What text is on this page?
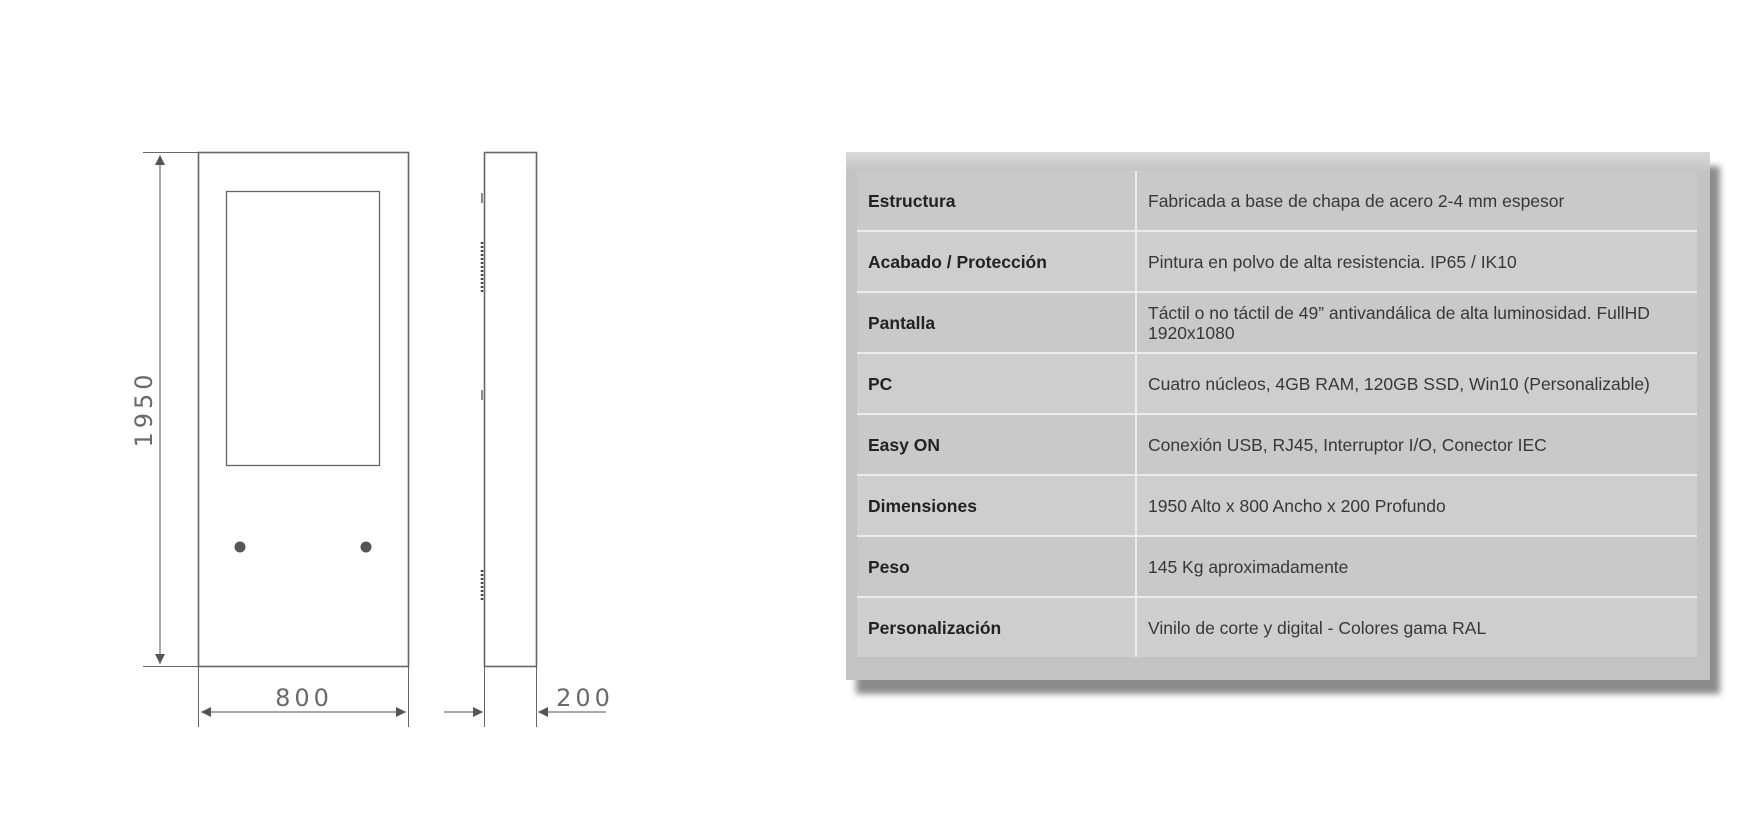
1950
800	200
Estructura	Fabricada a base de chapa de acero 2-4 mm espesor
Acabado / Protección	Pintura en polvo de alta resistencia. IP65 / IK10
Pantalla	Táctil o no táctil de 49” antivandálica de alta luminosidad. FullHD 1920x1080
PC	Cuatro núcleos, 4GB RAM, 120GB SSD, Win10 (Personalizable)
Easy ON	Conexión USB, RJ45, Interruptor I/O, Conector IEC
Dimensiones	1950 Alto x 800 Ancho x 200 Profundo
Peso	145 Kg aproximadamente
Personalización	Vinilo de corte y digital - Colores gama RAL
